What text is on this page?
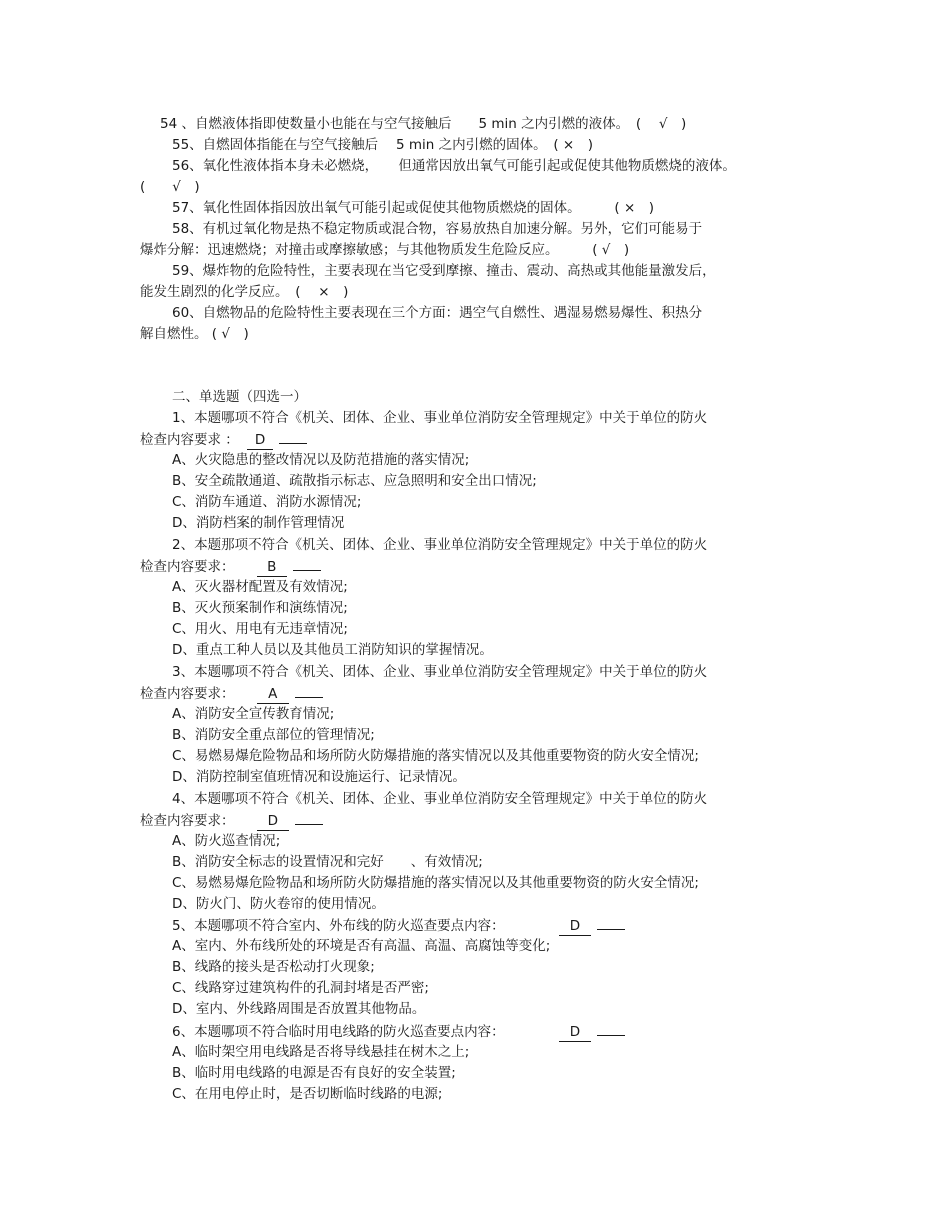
54 、自燃液体指即使数量小也能在与空气接触后　　5 min 之内引燃的液体。　(　 √　)
55、自燃固体指能在与空气接触后　 5 min 之内引燃的固体。　( ×　)
56、氧化性液体指本身未必燃烧，　　但通常因放出氧气可能引起或促使其他物质燃烧的液体。
(　　√　)
57、氧化性固体指因放出氧气可能引起或促使其他物质燃烧的固体。　　　( ×　)
58、有机过氧化物是热不稳定物质或混合物，容易放热自加速分解。另外，它们可能易于
爆炸分解：迅速燃烧；对撞击或摩擦敏感；与其他物质发生危险反应。　　　( √　)
59、爆炸物的危险特性，主要表现在当它受到摩擦、撞击、震动、高热或其他能量激发后，
能发生剧烈的化学反应。　( 　×　)
60、自燃物品的危险特性主要表现在三个方面：遇空气自燃性、遇湿易燃易爆性、积热分
解自燃性。 ( √　)
二、单选题（四选一）
1、本题哪项不符合《机关、团体、企业、事业单位消防安全管理规定》中关于单位的防火
检查内容要求 ： D
A、火灾隐患的整改情况以及防范措施的落实情况;
B、安全疏散通道、疏散指示标志、应急照明和安全出口情况;
C、消防车通道、消防水源情况;
D、消防档案的制作管理情况
2、本题那项不符合《机关、团体、企业、事业单位消防安全管理规定》中关于单位的防火
检查内容要求： B
A、灭火器材配置及有效情况;
B、灭火预案制作和演练情况;
C、用火、用电有无违章情况;
D、重点工种人员以及其他员工消防知识的掌握情况。
3、本题哪项不符合《机关、团体、企业、事业单位消防安全管理规定》中关于单位的防火
检查内容要求： A
A、消防安全宣传教育情况;
B、消防安全重点部位的管理情况;
C、易燃易爆危险物品和场所防火防爆措施的落实情况以及其他重要物资的防火安全情况;
D、消防控制室值班情况和设施运行、记录情况。
4、本题哪项不符合《机关、团体、企业、事业单位消防安全管理规定》中关于单位的防火
检查内容要求： D
A、防火巡查情况;
B、消防安全标志的设置情况和完好　　、有效情况;
C、易燃易爆危险物品和场所防火防爆措施的落实情况以及其他重要物资的防火安全情况;
D、防火门、防火卷帘的使用情况。
5、本题哪项不符合室内、外布线的防火巡查要点内容：	D
A、室内、外布线所处的环境是否有高温、高温、高腐蚀等变化;
B、线路的接头是否松动打火现象;
C、线路穿过建筑构件的孔洞封堵是否严密;
D、室内、外线路周围是否放置其他物品。
6、本题哪项不符合临时用电线路的防火巡查要点内容：	D
A、临时架空用电线路是否将导线悬挂在树木之上;
B、临时用电线路的电源是否有良好的安全装置;
C、在用电停止时，是否切断临时线路的电源;
